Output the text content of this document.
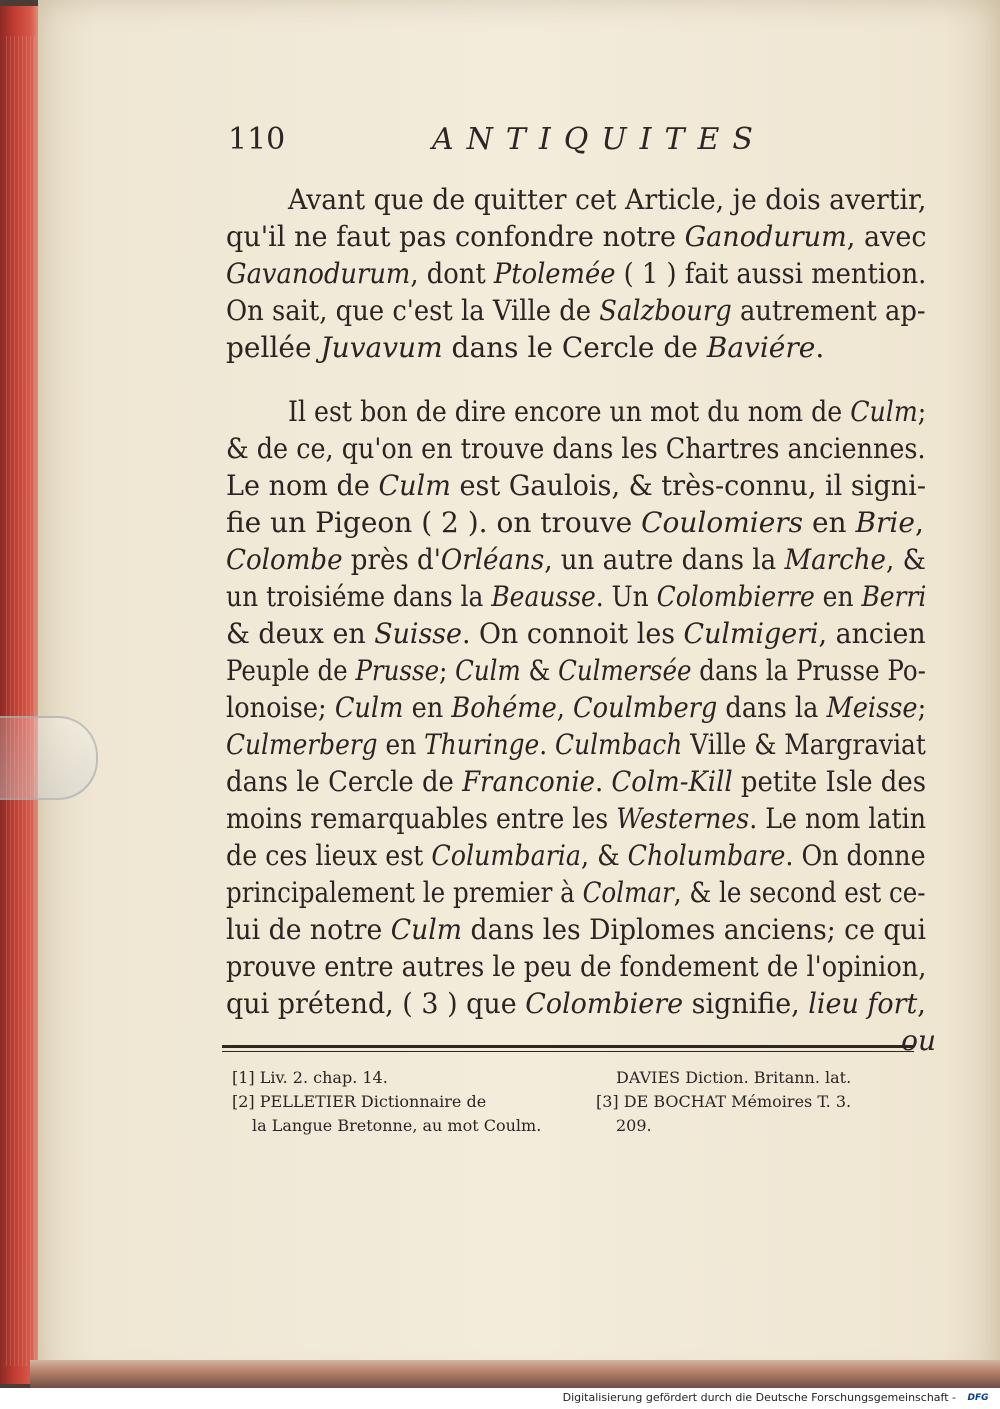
110	ANTIQUITES
Avant que de quitter cet Article, je dois avertir,
qu'il ne faut pas confondre notre Ganodurum, avec
Gavanodurum, dont Ptolemée ( 1 ) fait aussi mention.
On sait, que c'est la Ville de Salzbourg autrement ap-
pellée Juvavum dans le Cercle de Baviére.
Il est bon de dire encore un mot du nom de Culm;
& de ce, qu'on en trouve dans les Chartres anciennes.
Le nom de Culm est Gaulois, & très-connu, il signi-
fie un Pigeon ( 2 ). on trouve Coulomiers en Brie,
Colombe près d'Orléans, un autre dans la Marche, &
un troisiéme dans la Beausse. Un Colombierre en Berri
& deux en Suisse. On connoit les Culmigeri, ancien
Peuple de Prusse; Culm & Culmersée dans la Prusse Po-
lonoise; Culm en Bohéme, Coulmberg dans la Meisse;
Culmerberg en Thuringe. Culmbach Ville & Margraviat
dans le Cercle de Franconie. Colm-Kill petite Isle des
moins remarquables entre les Westernes. Le nom latin
de ces lieux est Columbaria, & Cholumbare. On donne
principalement le premier à Colmar, & le second est ce-
lui de notre Culm dans les Diplomes anciens; ce qui
prouve entre autres le peu de fondement de l'opinion,
qui prétend, ( 3 ) que Colombiere signifie, lieu fort,
ou
[1] Liv. 2. chap. 14.	DAVIES Diction. Britann. lat.
[2] PELLETIER Dictionnaire de
la Langue Bretonne, au mot Coulm.
[3] DE BOCHAT Mémoires T. 3.
209.
Digitalisierung gefördert durch die Deutsche Forschungsgemeinschaft -	DFG
